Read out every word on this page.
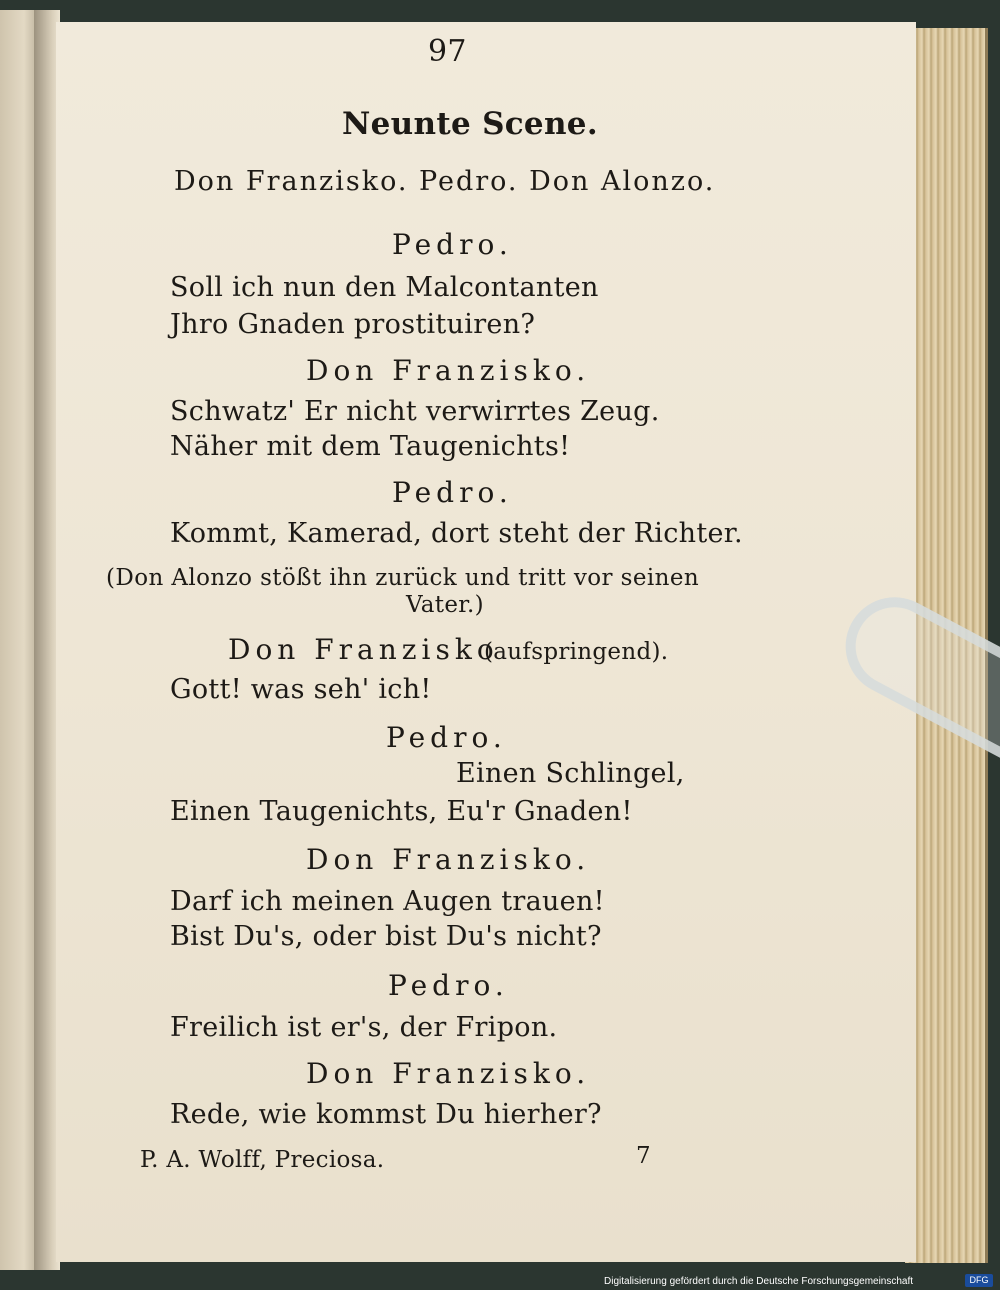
97
Neunte Scene.
Don Franzisko. Pedro. Don Alonzo.
Pedro.
Soll ich nun den Malcontanten
Jhro Gnaden prostituiren?
Don Franzisko.
Schwatz' Er nicht verwirrtes Zeug.
Näher mit dem Taugenichts!
Pedro.
Kommt, Kamerad, dort steht der Richter.
(Don Alonzo stößt ihn zurück und tritt vor seinen
Vater.)
Don Franzisko
(aufspringend).
Gott! was seh' ich!
Pedro.
Einen Schlingel,
Einen Taugenichts, Eu'r Gnaden!
Don Franzisko.
Darf ich meinen Augen trauen!
Bist Du's, oder bist Du's nicht?
Pedro.
Freilich ist er's, der Fripon.
Don Franzisko.
Rede, wie kommst Du hierher?
P. A. Wolff, Preciosa.	7
Digitalisierung gefördert durch die Deutsche Forschungsgemeinschaft	DFG
